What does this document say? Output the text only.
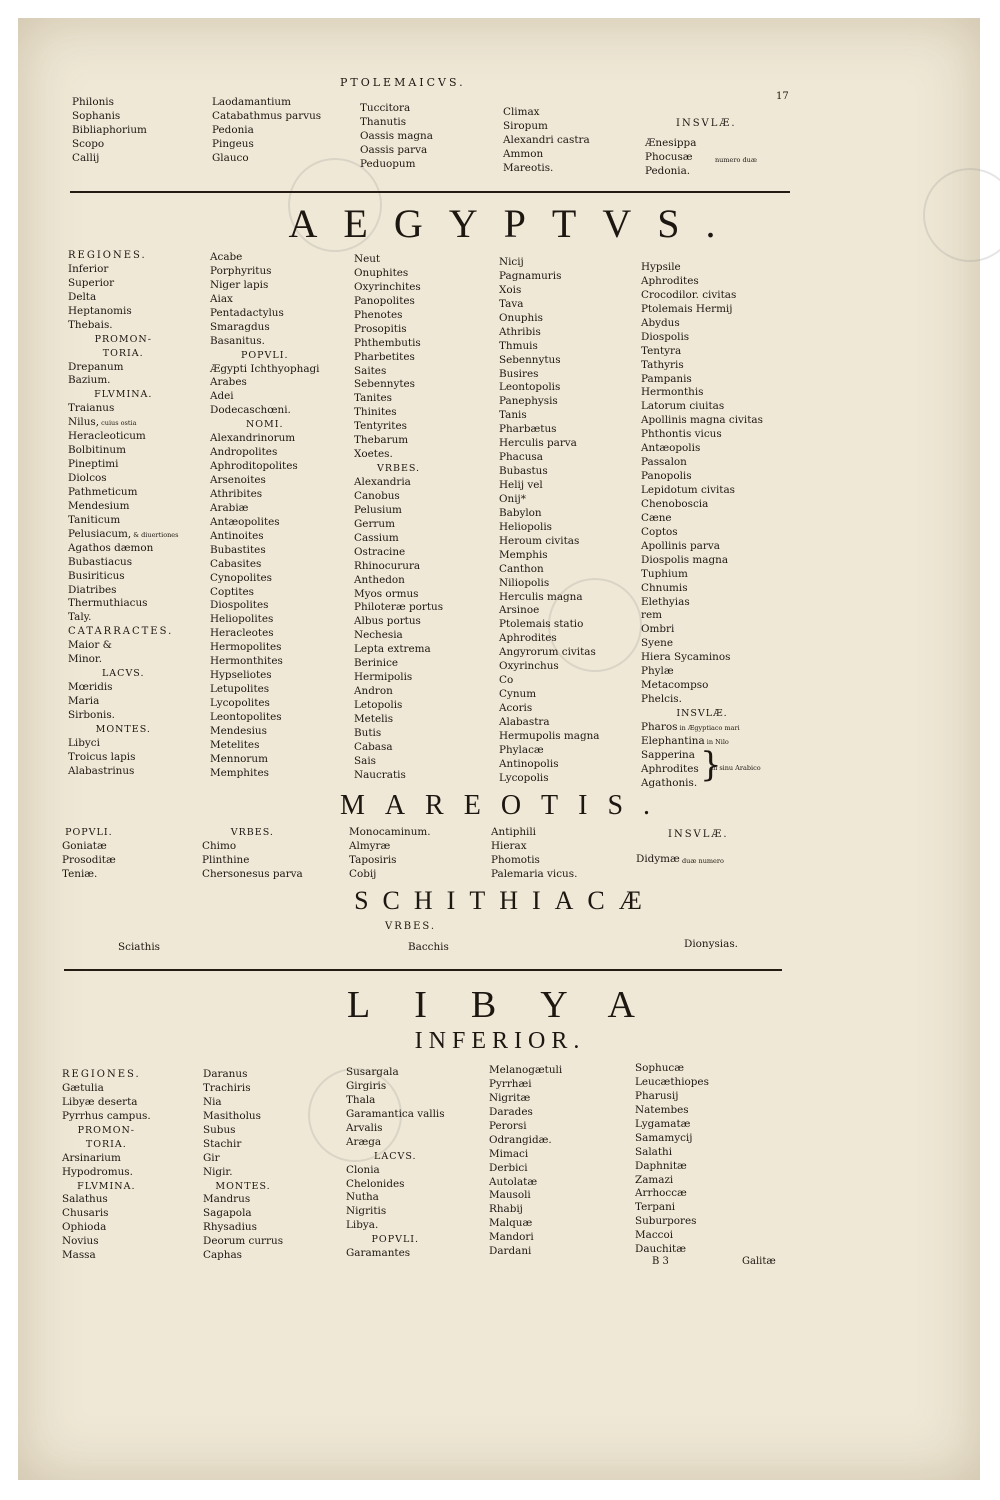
PTOLEMAICVS.
17
Philonis
Sophanis
Bibliaphorium
Scopo
Callij
Laodamantium
Catabathmus parvus
Pedonia
Pingeus
Glauco
Tuccitora
Thanutis
Oassis magna
Oassis parva
Peduopum
Climax
Siropum
Alexandri castra
Ammon
Mareotis.
INSVLÆ.
Ænesippa
Phocusæ
Pedonia.
numero duæ
AEGYPTVS.
REGIONES.
Inferior
Superior
Delta
Heptanomis
Thebais.
PROMON-
TORIA.
Drepanum
Bazium.
FLVMINA.
Traianus
Nilus, cuius ostia
Heracleoticum
Bolbitinum
Pineptimi
Diolcos
Pathmeticum
Mendesium
Taniticum
Pelusiacum, & diuertiones
Agathos dæmon
Bubastiacus
Busiriticus
Diatribes
Thermuthiacus
Taly.
CATARRACTES.
Maior &
Minor.
LACVS.
Mœridis
Maria
Sirbonis.
MONTES.
Libyci
Troicus lapis
Alabastrinus
Acabe
Porphyritus
Niger lapis
Aiax
Pentadactylus
Smaragdus
Basanitus.
POPVLI.
Ægypti Ichthyophagi
Arabes
Adei
Dodecaschœni.
NOMI.
Alexandrinorum
Andropolites
Aphroditopolites
Arsenoites
Athribites
Arabiæ
Antæopolites
Antinoites
Bubastites
Cabasites
Cynopolites
Coptites
Diospolites
Heliopolites
Heracleotes
Hermopolites
Hermonthites
Hypseliotes
Letupolites
Lycopolites
Leontopolites
Mendesius
Metelites
Mennorum
Memphites
Neut
Onuphites
Oxyrinchites
Panopolites
Phenotes
Prosopitis
Phthembutis
Pharbetites
Saites
Sebennytes
Tanites
Thinites
Tentyrites
Thebarum
Xoetes.
VRBES.
Alexandria
Canobus
Pelusium
Gerrum
Cassium
Ostracine
Rhinocurura
Anthedon
Myos ormus
Philoteræ portus
Albus portus
Nechesia
Lepta extrema
Berinice
Hermipolis
Andron
Letopolis
Metelis
Butis
Cabasa
Sais
Naucratis
Nicij
Pagnamuris
Xois
Tava
Onuphis
Athribis
Thmuis
Sebennytus
Busires
Leontopolis
Panephysis
Tanis
Pharbætus
Herculis parva
Phacusa
Bubastus
Helij vel
Onij*
Babylon
Heliopolis
Heroum civitas
Memphis
Canthon
Niliopolis
Herculis magna
Arsinoe
Ptolemais statio
Aphrodites
Angyrorum civitas
Oxyrinchus
Co
Cynum
Acoris
Alabastra
Hermupolis magna
Phylacæ
Antinopolis
Lycopolis
Hypsile
Aphrodites
Crocodilor. civitas
Ptolemais Hermij
Abydus
Diospolis
Tentyra
Tathyris
Pampanis
Hermonthis
Latorum ciuitas
Apollinis magna civitas
Phthontis vicus
Antæopolis
Passalon
Panopolis
Lepidotum civitas
Chenoboscia
Cæne
Coptos
Apollinis parva
Diospolis magna
Tuphium
Chnumis
Elethyias
rem
Ombri
Syene
Hiera Sycaminos
Phylæ
Metacompso
Phelcis.
INSVLÆ.
Pharos in Ægyptiaco mari
Elephantina in Nilo
Sapperina
Aphrodites
Agathonis. }
in sinu Arabico
MAREOTIS.
POPVLI.
Goniatæ
Prosoditæ
Teniæ.
VRBES.
Chimo
Plinthine
Chersonesus parva
Monocaminum.
Almyræ
Taposiris
Cobij
Antiphili
Hierax
Phomotis
Palemaria vicus.
INSVLÆ.
Didymæ duæ numero
SCHITHIACÆ
VRBES.
Sciathis	Bacchis	Dionysias.
LIBYA
INFERIOR.
REGIONES.
Gætulia
Libyæ deserta
Pyrrhus campus.
PROMON-
TORIA.
Arsinarium
Hypodromus.
FLVMINA.
Salathus
Chusaris
Ophioda
Novius
Massa
Daranus
Trachiris
Nia
Masitholus
Subus
Stachir
Gir
Nigir.
MONTES.
Mandrus
Sagapola
Rhysadius
Deorum currus
Caphas
Susargala
Girgiris
Thala
Garamantica vallis
Arvalis
Aræga
LACVS.
Clonia
Chelonides
Nutha
Nigritis
Libya.
POPVLI.
Garamantes
Melanogætuli
Pyrrhæi
Nigritæ
Darades
Perorsi
Odrangidæ.
Mimaci
Derbici
Autolatæ
Mausoli
Rhabij
Malquæ
Mandori
Dardani
Sophucæ
Leucæthiopes
Pharusij
Natembes
Lygamatæ
Samamycij
Salathi
Daphnitæ
Zamazi
Arrhoccæ
Terpani
Suburpores
Maccoi
Dauchitæ
B 3	Galitæ
